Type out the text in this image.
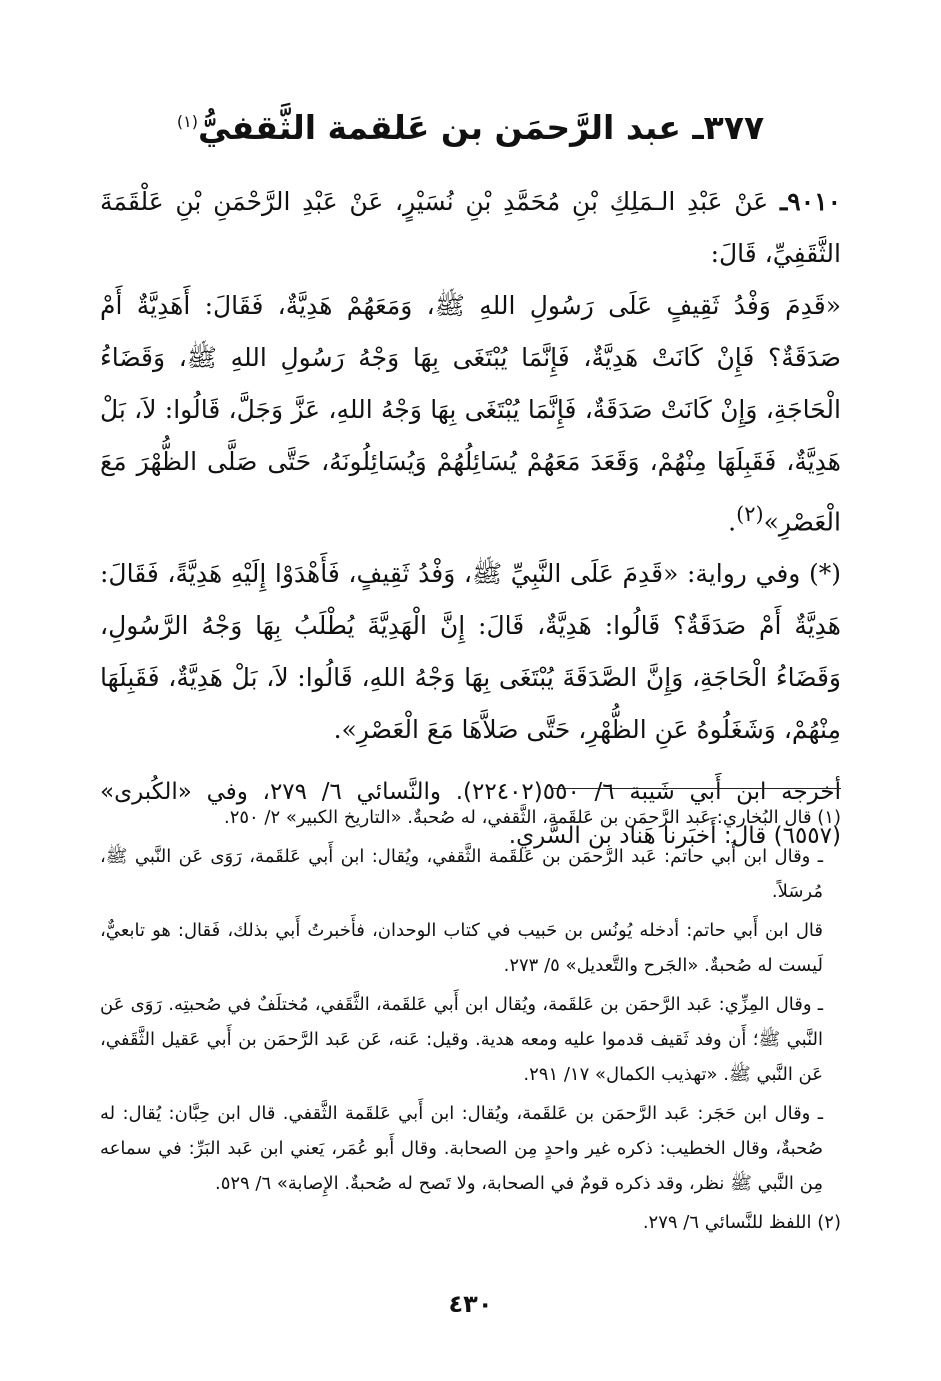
٣٧٧ـ عبد الرَّحمَن بن عَلقمة الثَّقفيُّ$^{(١)}$

٩٠١٠ـ عَنْ عَبْدِ الـمَلِكِ بْنِ مُحَمَّدِ بْنِ نُسَيْرٍ، عَنْ عَبْدِ الرَّحْمَنِ بْنِ عَلْقَمَةَ الثَّقَفِيِّ، قَالَ:

«قَدِمَ وَفْدُ ثَقِيفٍ عَلَى رَسُولِ اللهِ ﷺ، وَمَعَهُمْ هَدِيَّةٌ، فَقَالَ: أَهَدِيَّةٌ أَمْ صَدَقَةٌ؟ فَإِنْ كَانَتْ هَدِيَّةٌ، فَإِنَّمَا يُبْتَغَى بِهَا وَجْهُ رَسُولِ اللهِ ﷺ، وَقَضَاءُ الْحَاجَةِ، وَإِنْ كَانَتْ صَدَقَةٌ، فَإِنَّمَا يُبْتَغَى بِهَا وَجْهُ اللهِ، عَزَّ وَجَلَّ، قَالُوا: لاَ، بَلْ هَدِيَّةٌ، فَقَبِلَهَا مِنْهُمْ، وَقَعَدَ مَعَهُمْ يُسَائِلُهُمْ وَيُسَائِلُونَهُ، حَتَّى صَلَّى الظُّهْرَ مَعَ الْعَصْرِ»$^{(٢)}$.

(*) وفي رواية: «قَدِمَ عَلَى النَّبِيِّ ﷺ، وَفْدُ ثَقِيفٍ، فَأَهْدَوْا إِلَيْهِ هَدِيَّةً، فَقَالَ: هَدِيَّةٌ أَمْ صَدَقَةٌ؟ قَالُوا: هَدِيَّةٌ، قَالَ: إِنَّ الْهَدِيَّةَ يُطْلَبُ بِهَا وَجْهُ الرَّسُولِ، وَقَضَاءُ الْحَاجَةِ، وَإِنَّ الصَّدَقَةَ يُبْتَغَى بِهَا وَجْهُ اللهِ، قَالُوا: لاَ، بَلْ هَدِيَّةٌ، فَقَبِلَهَا مِنْهُمْ، وَشَغَلُوهُ عَنِ الظُّهْرِ، حَتَّى صَلاَّهَا مَعَ الْعَصْرِ».

أخرجه ابن أَبي شَيبة ٦/ ٥٥٠(٢٢٤٠٢). والنَّسائي ٦/ ٢٧٩، وفي «الكُبرى» (٦٥٥٧) قال: أَخبَرنا هَناد بن السَّري.

(١) قال البُخاري: عَبد الرَّحمَن بن عَلقَمة، الثَّقفي، له صُحبةٌ. «التاريخ الكبير» ٢/ ٢٥٠.

ـ وقال ابن أَبي حاتم: عَبد الرَّحمَن بن عَلقَمة الثَّقفي، ويُقال: ابن أَبي عَلقَمة، رَوَى عَن النَّبي ﷺ، مُرسَلاً.

قال ابن أَبي حاتم: أدخله يُونُس بن حَبيب في كتاب الوحدان، فأَخبرتُ أَبي بذلك، فَقال: هو تابعيٌّ، لَيست له صُحبةٌ. «الجَرح والتَّعديل» ٥/ ٢٧٣.

ـ وقال المِزِّي: عَبد الرَّحمَن بن عَلقَمة، ويُقال ابن أَبي عَلقَمة، الثَّقَفي، مُختلَفٌ في صُحبتِه. رَوَى عَن النَّبي ﷺ؛ أَن وفد ثَقيف قدموا عليه ومعه هدية. وقيل: عَنه، عَن عَبد الرَّحمَن بن أَبي عَقيل الثَّقَفي، عَن النَّبي ﷺ. «تهذيب الكمال» ١٧/ ٢٩١.

ـ وقال ابن حَجَر: عَبد الرَّحمَن بن عَلقَمة، ويُقال: ابن أَبي عَلقَمة الثَّقفي. قال ابن حِبَّان: يُقال: له صُحبةٌ، وقال الخطيب: ذكره غير واحدٍ مِن الصحابة. وقال أَبو عُمَر، يَعني ابن عَبد البَرِّ: في سماعه مِن النَّبي ﷺ نظر، وقد ذكره قومٌ في الصحابة، ولا تَصح له صُحبةٌ. الإِصابة» ٦/ ٥٢٩.

(٢) اللفظ للنَّسائي ٦/ ٢٧٩.

٤٣٠
